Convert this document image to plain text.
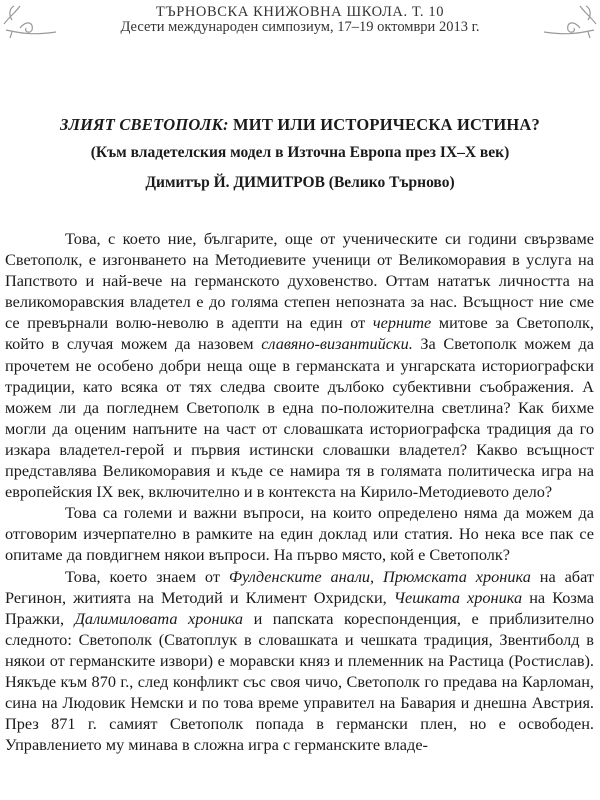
ТЪРНОВСКА КНИЖОВНА ШКОЛА. Т. 10
Десети международен симпозиум, 17–19 октомври 2013 г.
ЗЛИЯТ СВЕТОПОЛК: МИТ ИЛИ ИСТОРИЧЕСКА ИСТИНА?
(Към владетелския модел в Източна Европа през IX–X век)
Димитър Й. ДИМИТРОВ (Велико Търново)

Това, с което ние, българите, още от ученическите си години свързваме Светополк, е изгонването на Методиевите ученици от Великоморавия в услуга на Папството и най-вече на германското духовенство. Оттам нататък личността на великоморавския владетел е до голяма степен непозната за нас. Всъщност ние сме се превърнали волю-неволю в адепти на един от черните митове за Светополк, който в случая можем да назовем славяно-византийски. За Светополк можем да прочетем не особено добри неща още в германската и унгарската историографски традиции, като всяка от тях следва своите дълбоко субективни съображения. А можем ли да погледнем Светополк в една по-положителна светлина? Как бихме могли да оценим напъните на част от словашката историографска традиция да го изкара владетел-герой и първия истински словашки владетел? Какво всъщност представлява Великоморавия и къде се намира тя в голямата политическа игра на европейския IX век, включително и в контекста на Кирило-Методиевото дело?

Това са големи и важни въпроси, на които определено няма да можем да отговорим изчерпателно в рамките на един доклад или статия. Но нека все пак се опитаме да повдигнем някои въпроси. На първо място, кой е Светополк?

Това, което знаем от Фулденските анали, Прюмската хроника на абат Регинон, житията на Методий и Климент Охридски, Чешката хроника на Козма Пражки, Далимиловата хроника и папската кореспонденция, е приблизително следното: Светополк (Сватоплук в словашката и чешката традиция, Звентиболд в някои от германските извори) е моравски княз и племенник на Растица (Ростислав). Някъде към 870 г., след конфликт със своя чичо, Светополк го предава на Карломан, сина на Людовик Немски и по това време управител на Бавария и днешна Австрия. През 871 г. самият Светополк попада в германски плен, но е освободен. Управлението му минава в сложна игра с германските владе-
